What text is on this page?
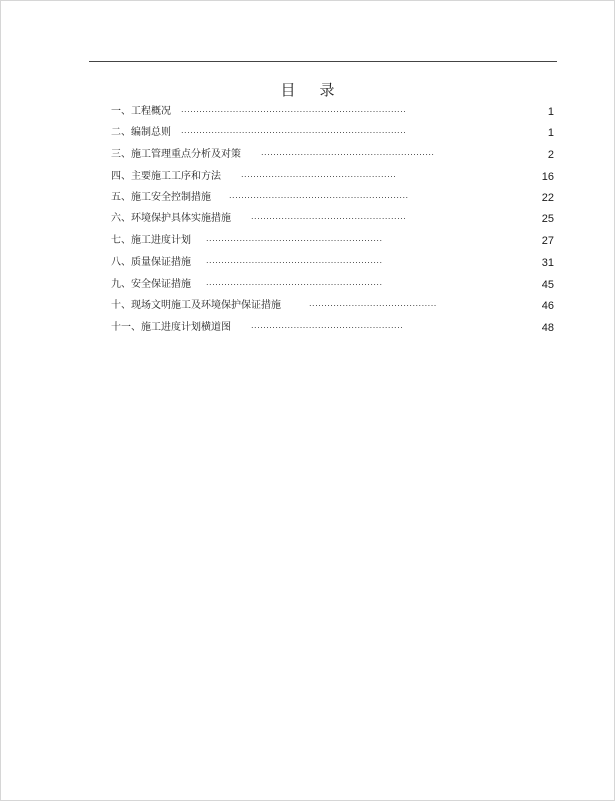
目 录
一、工程概况 ..........................................................................	1
二、编制总则 ..........................................................................	1
三、施工管理重点分析及对策	.........................................................	2
四、主要施工工序和方法	...................................................	16
五、施工安全控制措施 ...........................................................	22
六、环境保护具体实施措施	...................................................	25
七、施工进度计划 ..........................................................	27
八、质量保证措施 ..........................................................	31
九、安全保证措施 ..........................................................	45
十、现场文明施工及环境保护保证措施	..........................................	46
十一、施工进度计划横道图	..................................................	48
